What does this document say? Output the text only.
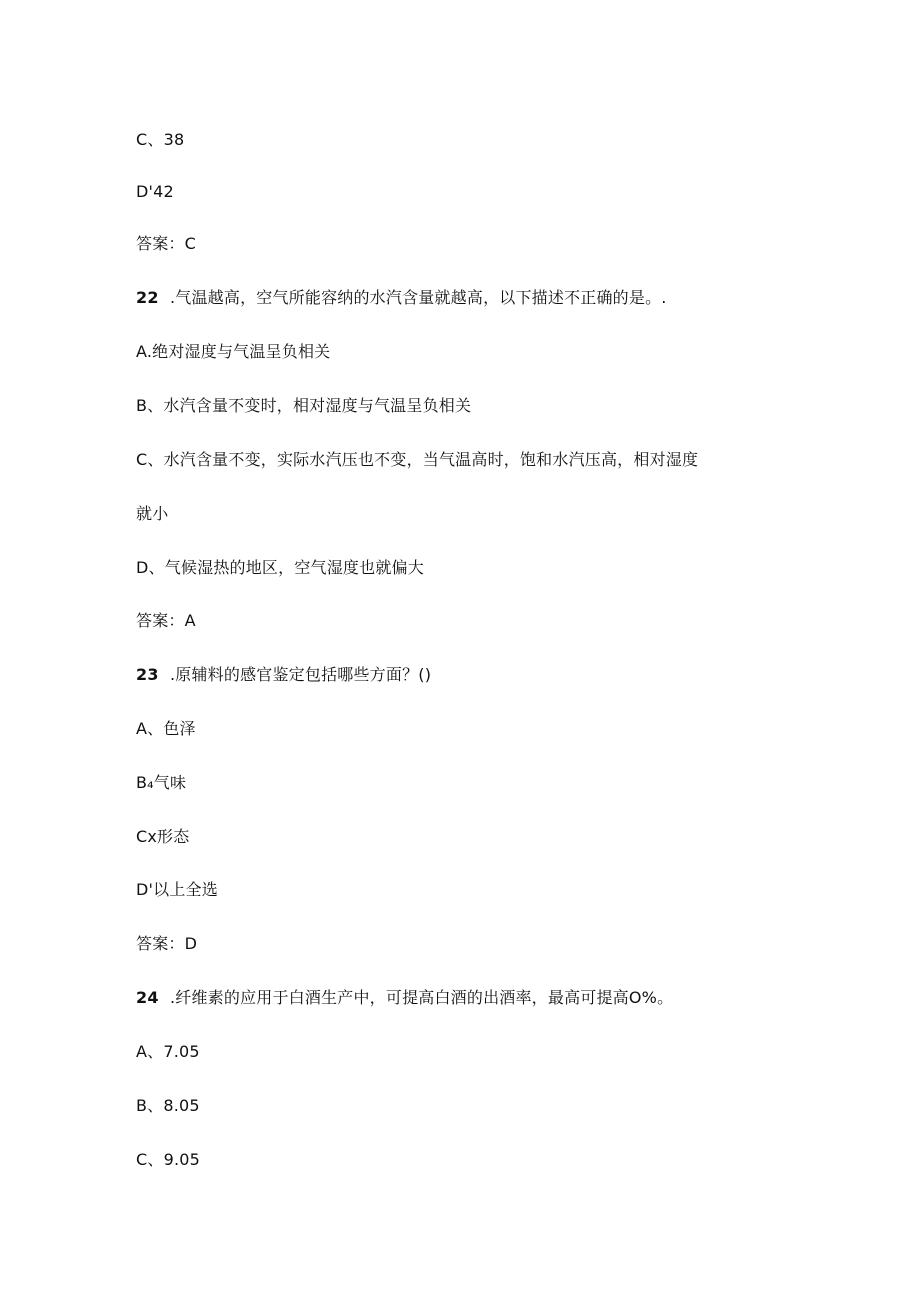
C、38
D'42
答案：C
22 .气温越高，空气所能容纳的水汽含量就越高，以下描述不正确的是。.
A.绝对湿度与气温呈负相关
B、水汽含量不变时，相对湿度与气温呈负相关
C、水汽含量不变，实际水汽压也不变，当气温高时，饱和水汽压高，相对湿度
就小
D、气候湿热的地区，空气湿度也就偏大
答案：A
23 .原辅料的感官鉴定包括哪些方面？()
A、色泽
B₄气味
Cx形态
D'以上全选
答案：D
24 .纤维素的应用于白酒生产中，可提高白酒的出酒率，最高可提高O%。
A、7.05
B、8.05
C、9.05
